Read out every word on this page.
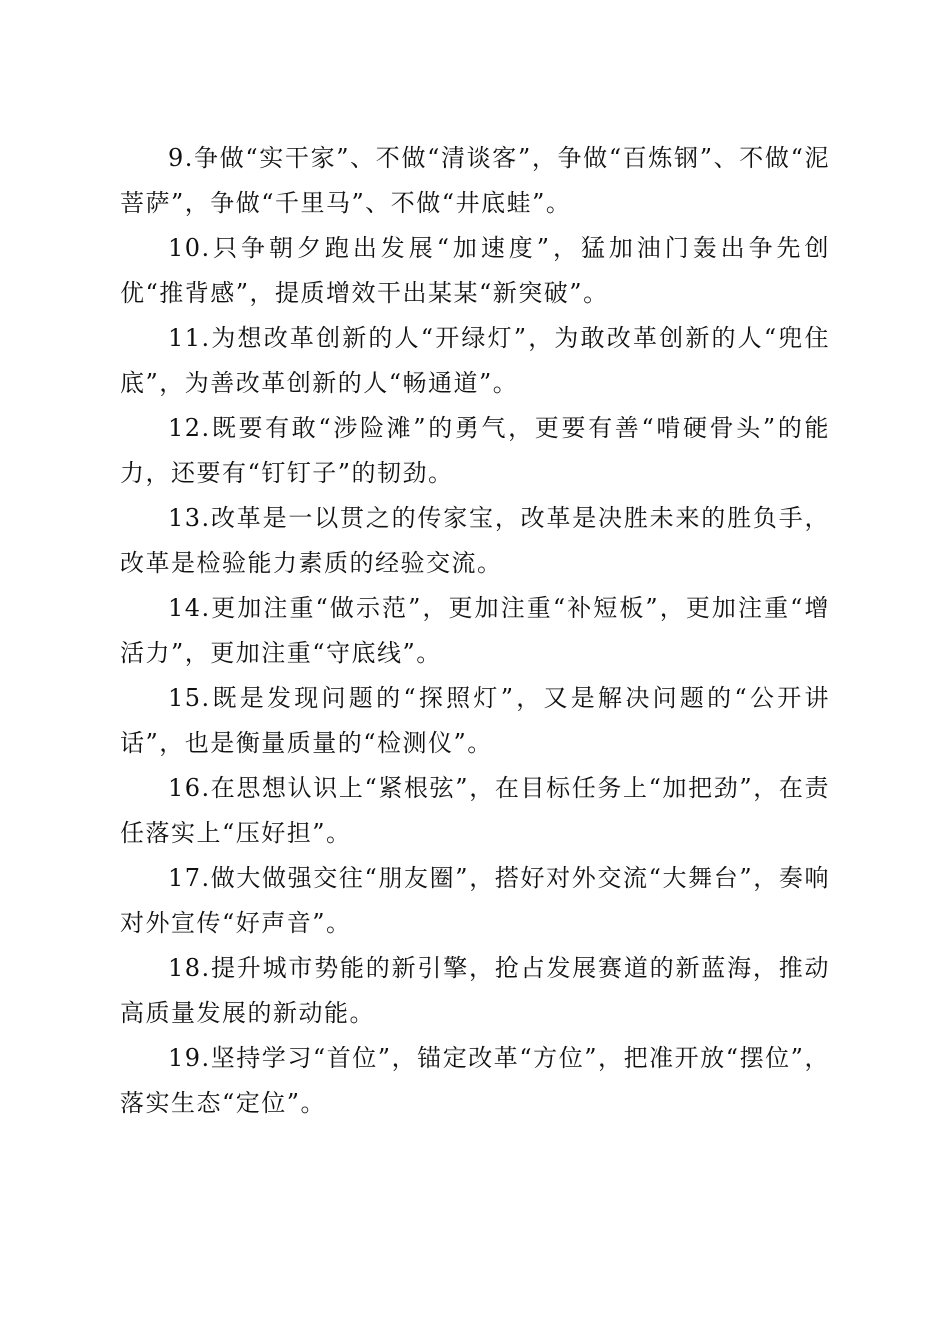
9.争做“实干家”、不做“清谈客”，争做“百炼钢”、不做“泥菩萨”，争做“千里马”、不做“井底蛙”。

10.只争朝夕跑出发展“加速度”，猛加油门轰出争先创优“推背感”，提质增效干出某某“新突破”。

11.为想改革创新的人“开绿灯”，为敢改革创新的人“兜住底”，为善改革创新的人“畅通道”。

12.既要有敢“涉险滩”的勇气，更要有善“啃硬骨头”的能力，还要有“钉钉子”的韧劲。

13.改革是一以贯之的传家宝，改革是决胜未来的胜负手，改革是检验能力素质的经验交流。

14.更加注重“做示范”，更加注重“补短板”，更加注重“增活力”，更加注重“守底线”。

15.既是发现问题的“探照灯”，又是解决问题的“公开讲话”，也是衡量质量的“检测仪”。

16.在思想认识上“紧根弦”，在目标任务上“加把劲”，在责任落实上“压好担”。

17.做大做强交往“朋友圈”，搭好对外交流“大舞台”，奏响对外宣传“好声音”。

18.提升城市势能的新引擎，抢占发展赛道的新蓝海，推动高质量发展的新动能。

19.坚持学习“首位”，锚定改革“方位”，把准开放“摆位”，落实生态“定位”。
